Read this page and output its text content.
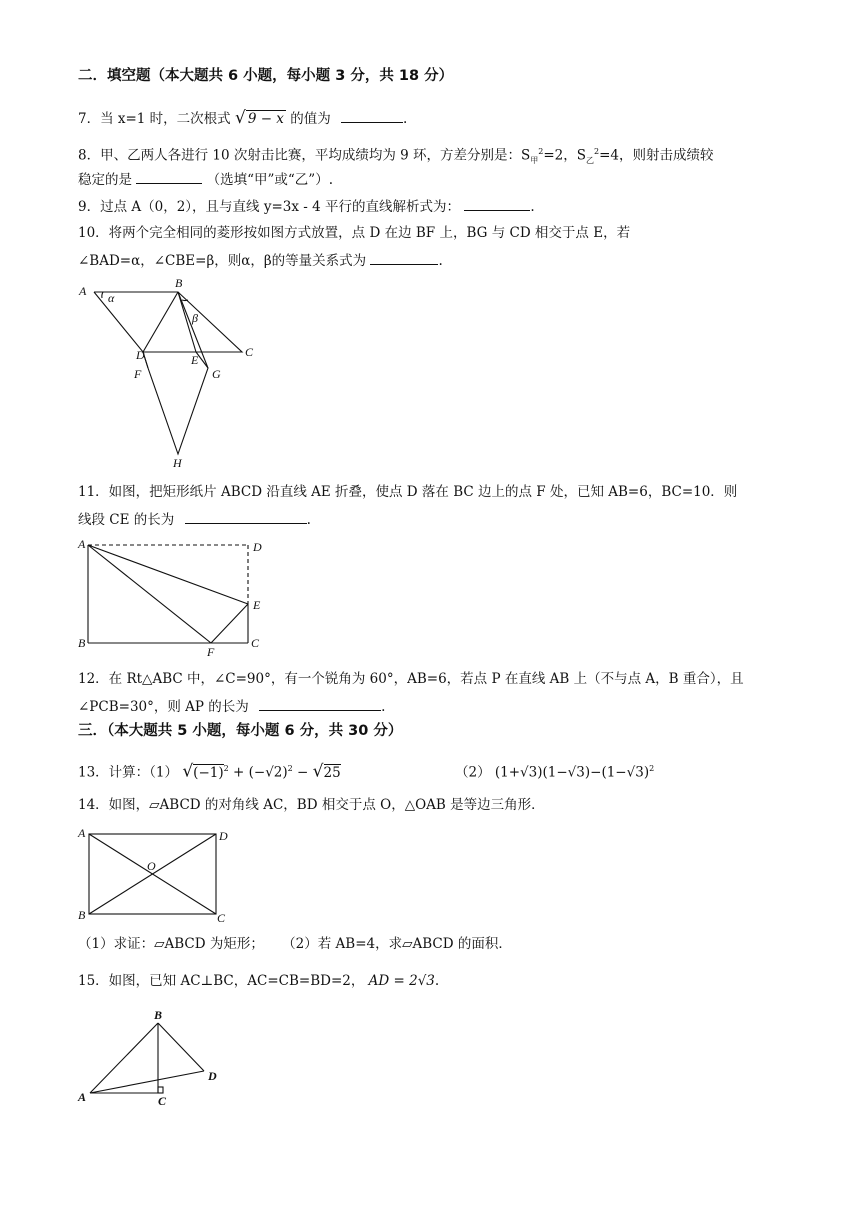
二．填空题（本大题共 6 小题，每小题 3 分，共 18 分）
7．当 x=1 时，二次根式 √ 9 − x 的值为	.
8．甲、乙两人各进行 10 次射击比赛，平均成绩均为 9 环，方差分别是：$S_甲^2=2$，$S_乙^2=4$，则射击成绩较
稳定的是	（选填“甲”或“乙”）.
9．过点 A（0，2），且与直线 y=3x - 4 平行的直线解析式为：	.
10．将两个完全相同的菱形按如图方式放置，点 D 在边 BF 上，BG 与 CD 相交于点 E，若
∠BAD=α，∠CBE=β，则α，β的等量关系式为	.
A
B
C
D	E
F	G
H
α
β
11．如图，把矩形纸片 ABCD 沿直线 AE 折叠，使点 D 落在 BC 边上的点 F 处，已知 AB=6，BC=10．则
线段 CE 的长为	.
A	D
E
B
F
C
12．在 Rt△ABC 中，∠C=90°，有一个锐角为 60°，AB=6，若点 P 在直线 AB 上（不与点 A，B 重合），且
∠PCB=30°，则 AP 的长为	.
三．（本大题共 5 小题，每小题 6 分，共 30 分）
13．计算：（1） $√(-1)^2 + (-√2)^2 - √25$	（2） $(1+√3)(1-√3)-(1-√3)^2$
14．如图，▱ABCD 的对角线 AC，BD 相交于点 O，△OAB 是等边三角形．
A	D
O
B	C
（1）求证：▱ABCD 为矩形； （2）若 AB=4，求▱ABCD 的面积．
15．如图，已知 AC⊥BC，AC=CB=BD=2， AD = 2√3.
B
A	C
D
